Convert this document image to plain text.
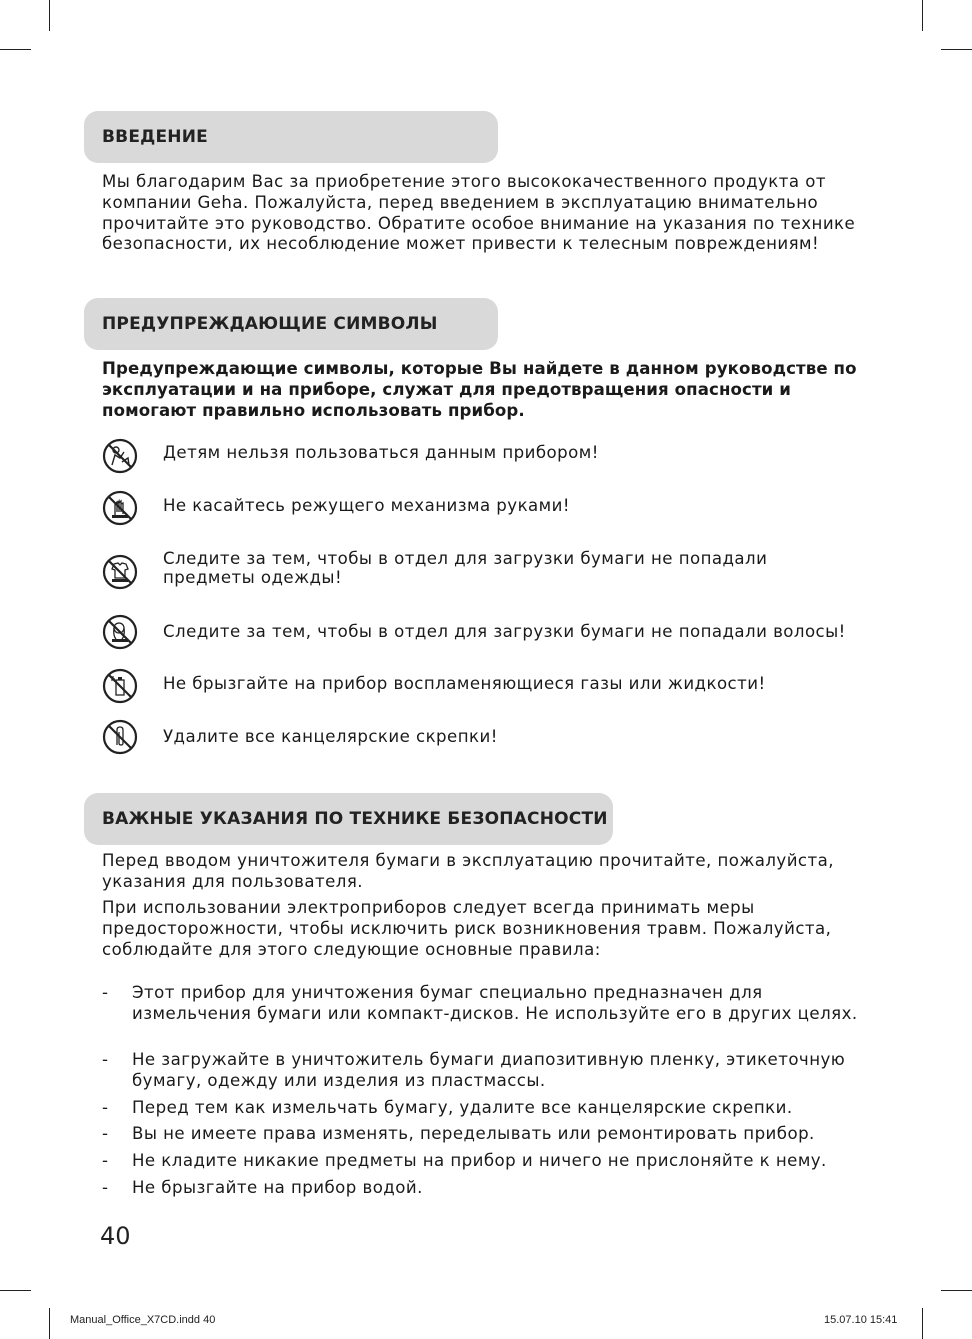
ВВЕДЕНИЕ

Мы благодарим Вас за приобретение этого высококачественного продукта от компании Geha. Пожалуйста, перед введением в эксплуатацию внимательно прочитайте это руководство. Обратите особое внимание на указания по технике безопасности, их несоблюдение может привести к телесным повреждениям!

ПРЕДУПРЕЖДАЮЩИЕ СИМВОЛЫ

Предупреждающие символы, которые Вы найдете в данном руководстве по эксплуатации и на приборе, служат для предотвращения опасности и помогают правильно использовать прибор.

Детям нельзя пользоваться данным прибором!
Не касайтесь режущего механизма руками!
Следите за тем, чтобы в отдел для загрузки бумаги не попадали предметы одежды!
Следите за тем, чтобы в отдел для загрузки бумаги не попадали волосы!
Не брызгайте на прибор воспламеняющиеся газы или жидкости!
Удалите все канцелярские скрепки!
ВАЖНЫЕ УКАЗАНИЯ ПО ТЕХНИКЕ БЕЗОПАСНОСТИ

Перед вводом уничтожителя бумаги в эксплуатацию прочитайте, пожалуйста, указания для пользователя.

При использовании электроприборов следует всегда принимать меры предосторожности, чтобы исключить риск возникновения травм. Пожалуйста, соблюдайте для этого следующие основные правила:

- Этот прибор для уничтожения бумаг специально предназначен для измельчения бумаги или компакт-дисков. Не используйте его в других целях.
- Не загружайте в уничтожитель бумаги диапозитивную пленку, этикеточную бумагу, одежду или изделия из пластмассы.
- Перед тем как измельчать бумагу, удалите все канцелярские скрепки.
- Вы не имеете права изменять, переделывать или ремонтировать прибор.
- Не кладите никакие предметы на прибор и ничего не прислоняйте к нему.
- Не брызгайте на прибор водой.
40
Manual_Office_X7CD.indd 40	15.07.10 15:41
